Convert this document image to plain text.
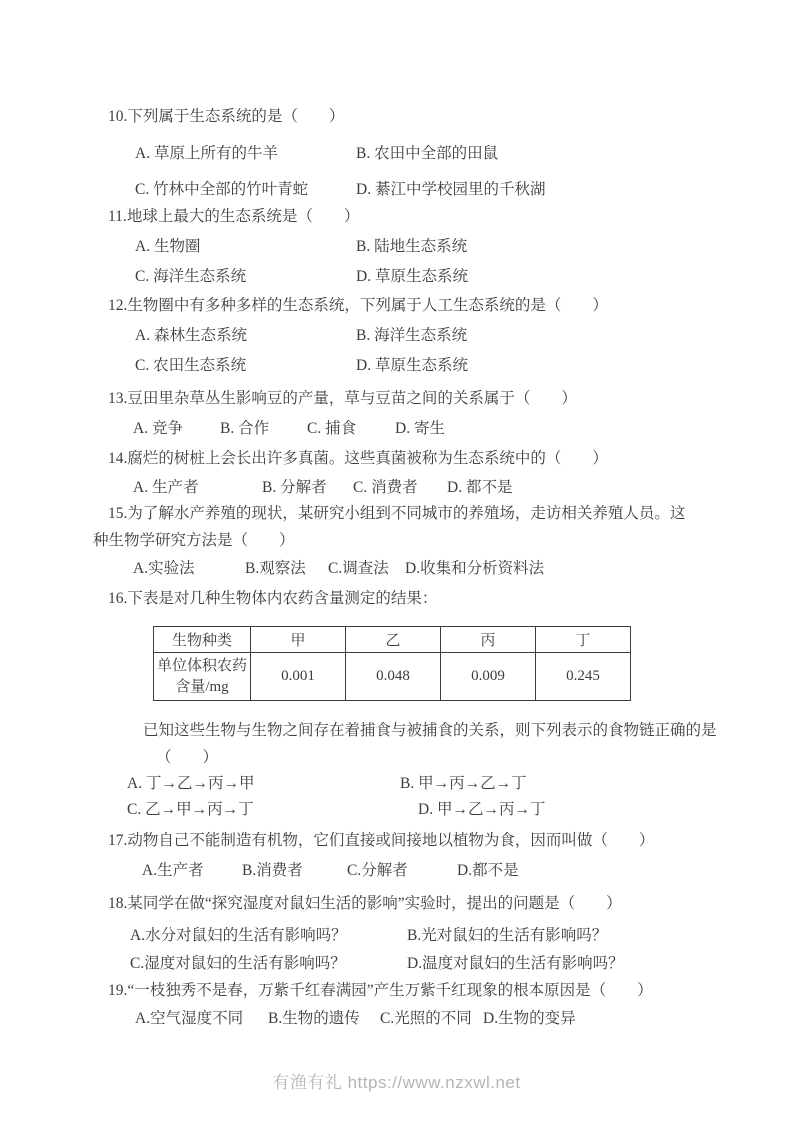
10.下列属于生态系统的是（　　）

A. 草原上所有的牛羊	B. 农田中全部的田鼠
C. 竹林中全部的竹叶青蛇	D. 綦江中学校园里的千秋湖

11.地球上最大的生态系统是（　　）

A. 生物圈	B. 陆地生态系统
C. 海洋生态系统	D. 草原生态系统

12.生物圈中有多种多样的生态系统，下列属于人工生态系统的是（　　）

A. 森林生态系统	B. 海洋生态系统
C. 农田生态系统	D. 草原生态系统

13.豆田里杂草丛生影响豆的产量，草与豆苗之间的关系属于（　　）

A. 竞争	B. 合作	C. 捕食	D. 寄生

14.腐烂的树桩上会长出许多真菌。这些真菌被称为生态系统中的（　　）

A. 生产者	B. 分解者	C. 消费者	D. 都不是

15.为了解水产养殖的现状，某研究小组到不同城市的养殖场，走访相关养殖人员。这种生物学研究方法是（　　）

A.实验法	B.观察法	C.调查法	D.收集和分析资料法

16.下表是对几种生物体内农药含量测定的结果：

生物种类	甲	乙	丙	丁
单位体积农药含量/mg	0.001	0.048	0.009	0.245

已知这些生物与生物之间存在着捕食与被捕食的关系，则下列表示的食物链正确的是

（　　）

A. 丁→乙→丙→甲	B. 甲→丙→乙→丁
C. 乙→甲→丙→丁	D. 甲→乙→丙→丁

17.动物自己不能制造有机物，它们直接或间接地以植物为食，因而叫做（　　）

A.生产者	B.消费者	C.分解者	D.都不是

18.某同学在做“探究湿度对鼠妇生活的影响”实验时，提出的问题是（　　）

A.水分对鼠妇的生活有影响吗？	B.光对鼠妇的生活有影响吗？
C.湿度对鼠妇的生活有影响吗？	D.温度对鼠妇的生活有影响吗？

19.“一枝独秀不是春，万紫千红春满园”产生万紫千红现象的根本原因是（　　）

A.空气湿度不同	B.生物的遗传	C.光照的不同 D.生物的变异
有渔有礼 https://www.nzxwl.net
